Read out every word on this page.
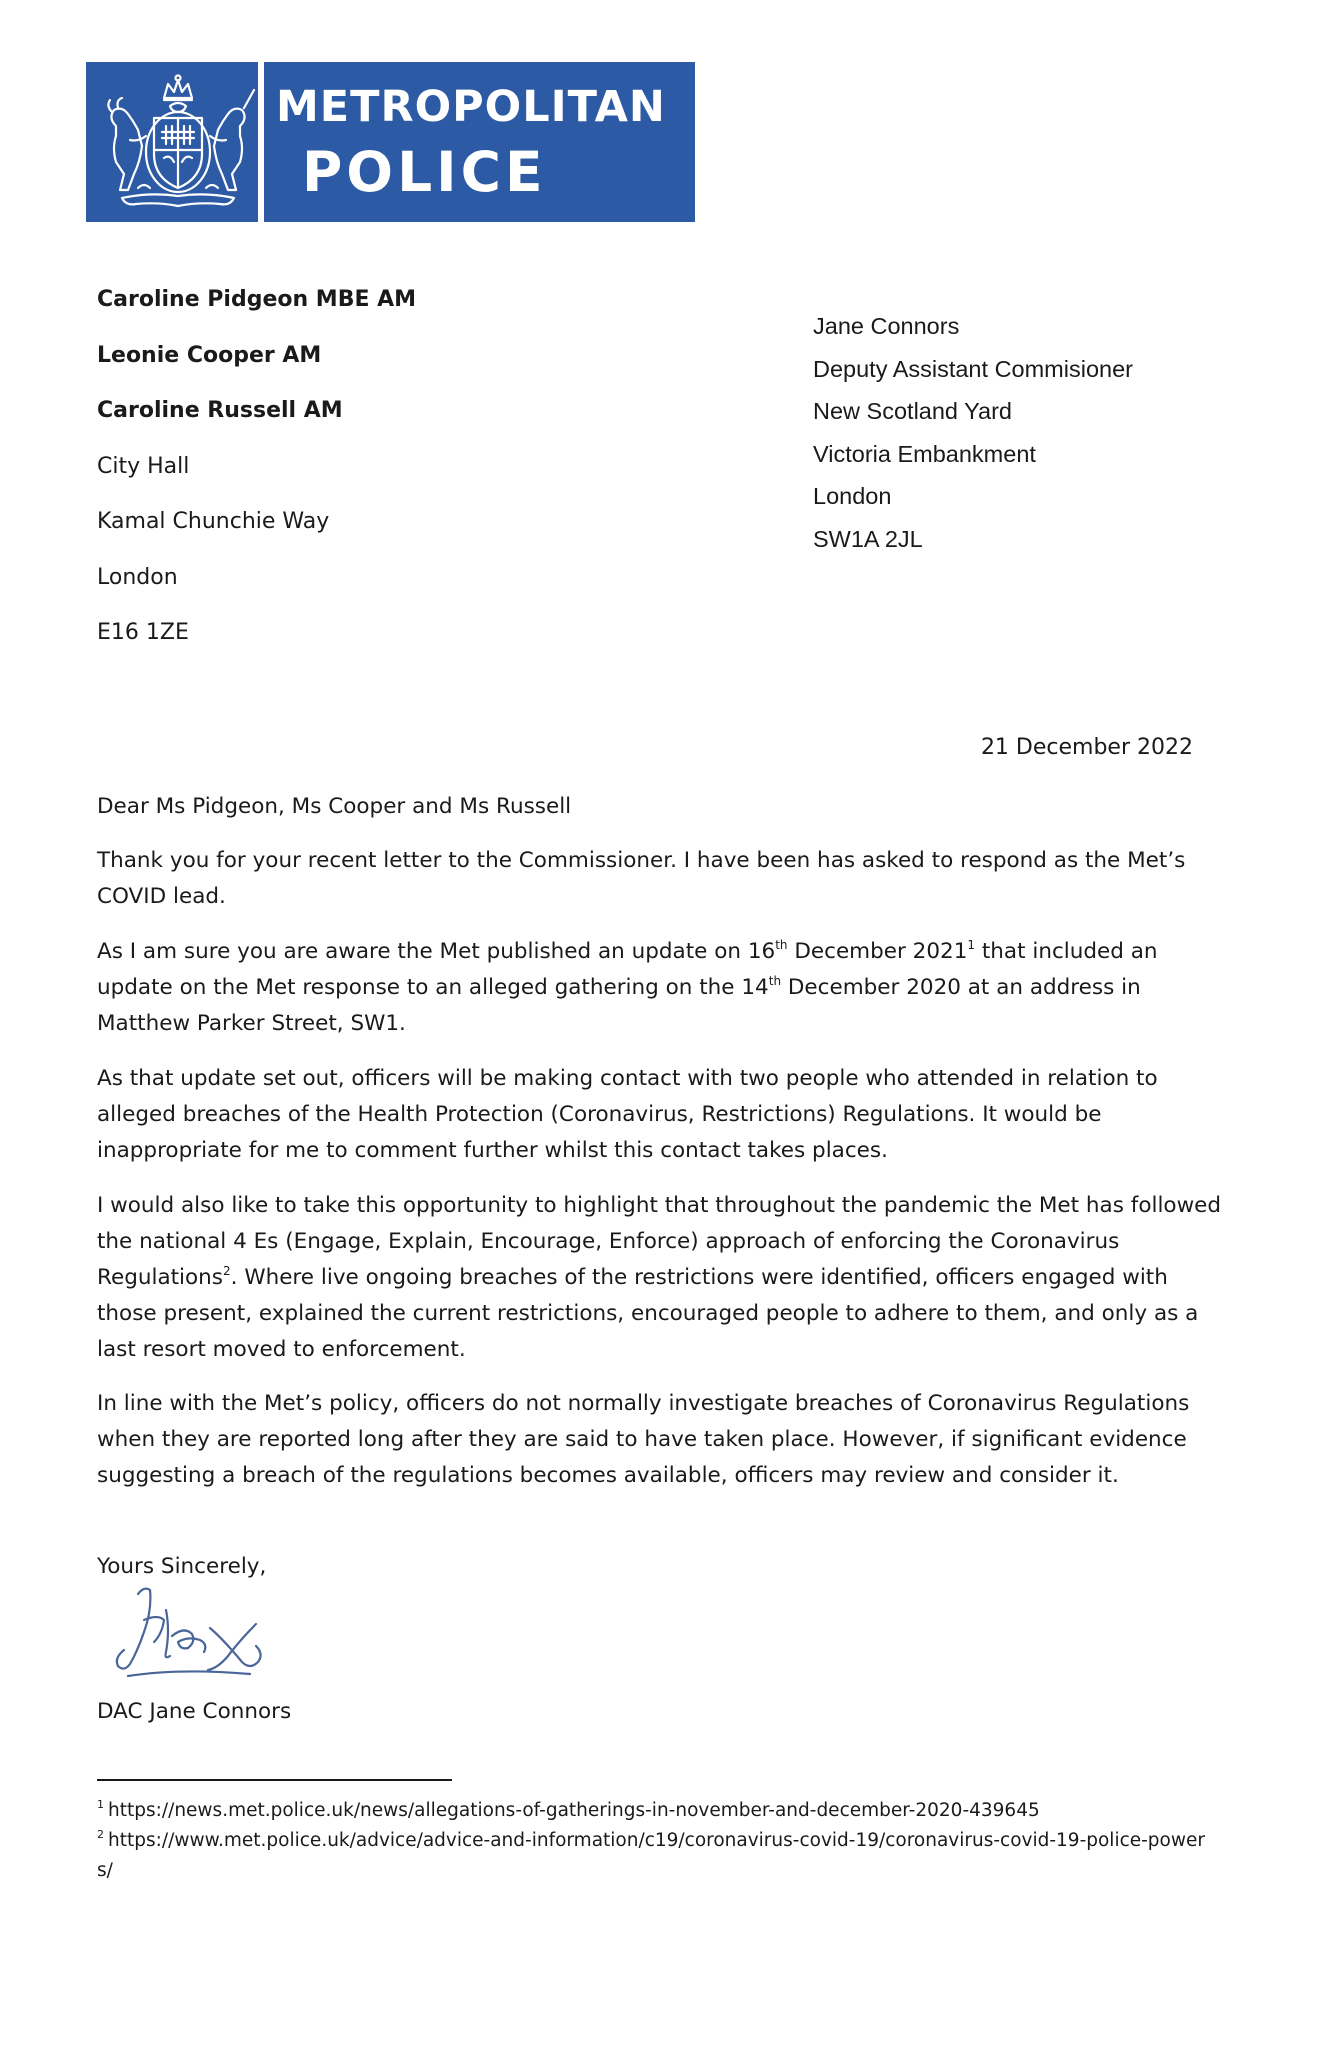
METROPOLITAN
POLICE
Caroline Pidgeon MBE AM
Leonie Cooper AM
Caroline Russell AM
City Hall
Kamal Chunchie Way
London
E16 1ZE
Jane Connors
Deputy Assistant Commisioner
New Scotland Yard
Victoria Embankment
London
SW1A 2JL
21 December 2022
Dear Ms Pidgeon, Ms Cooper and Ms Russell
Thank you for your recent letter to the Commissioner. I have been has asked to respond as the Met’s COVID lead.
As I am sure you are aware the Met published an update on 16th December 2021$^1$ that included an update on the Met response to an alleged gathering on the 14th December 2020 at an address in Matthew Parker Street, SW1.
As that update set out, officers will be making contact with two people who attended in relation to alleged breaches of the Health Protection (Coronavirus, Restrictions) Regulations. It would be inappropriate for me to comment further whilst this contact takes places.
I would also like to take this opportunity to highlight that throughout the pandemic the Met has followed the national 4 Es (Engage, Explain, Encourage, Enforce) approach of enforcing the Coronavirus Regulations$^2$. Where live ongoing breaches of the restrictions were identified, officers engaged with those present, explained the current restrictions, encouraged people to adhere to them, and only as a last resort moved to enforcement.
In line with the Met’s policy, officers do not normally investigate breaches of Coronavirus Regulations when they are reported long after they are said to have taken place. However, if significant evidence suggesting a breach of the regulations becomes available, officers may review and consider it.
Yours Sincerely,
DAC Jane Connors

$^1$ https://news.met.police.uk/news/allegations-of-gatherings-in-november-and-december-2020-439645

$^2$ https://www.met.police.uk/advice/advice-and-information/c19/coronavirus-covid-19/coronavirus-covid-19-police-powers/
